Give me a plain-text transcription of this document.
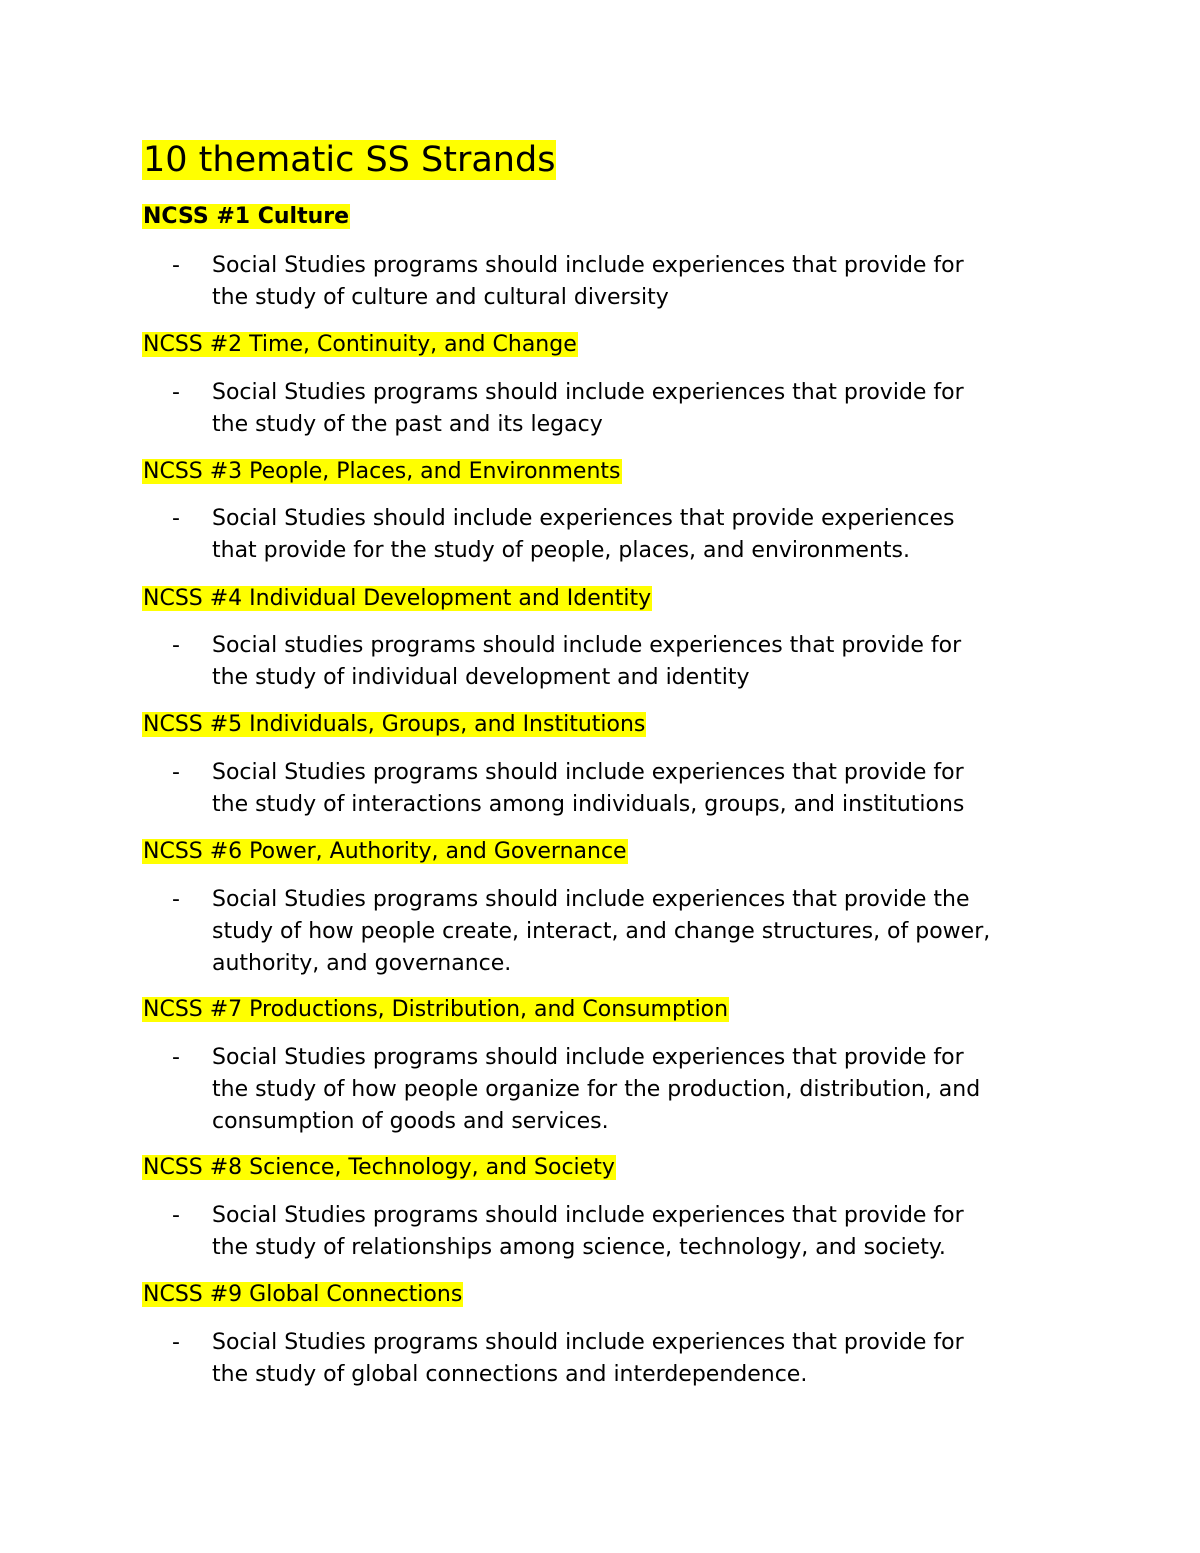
10 thematic SS Strands
NCSS #1 Culture
-	Social Studies programs should include experiences that provide for
the study of culture and cultural diversity
NCSS #2 Time, Continuity, and Change
-	Social Studies programs should include experiences that provide for
the study of the past and its legacy
NCSS #3 People, Places, and Environments
-	Social Studies should include experiences that provide experiences
that provide for the study of people, places, and environments.
NCSS #4 Individual Development and Identity
-	Social studies programs should include experiences that provide for
the study of individual development and identity
NCSS #5 Individuals, Groups, and Institutions
-	Social Studies programs should include experiences that provide for
the study of interactions among individuals, groups, and institutions
NCSS #6 Power, Authority, and Governance
-	Social Studies programs should include experiences that provide the
study of how people create, interact, and change structures, of power,
authority, and governance.
NCSS #7 Productions, Distribution, and Consumption
-	Social Studies programs should include experiences that provide for
the study of how people organize for the production, distribution, and
consumption of goods and services.
NCSS #8 Science, Technology, and Society
-	Social Studies programs should include experiences that provide for
the study of relationships among science, technology, and society.
NCSS #9 Global Connections
-	Social Studies programs should include experiences that provide for
the study of global connections and interdependence.
